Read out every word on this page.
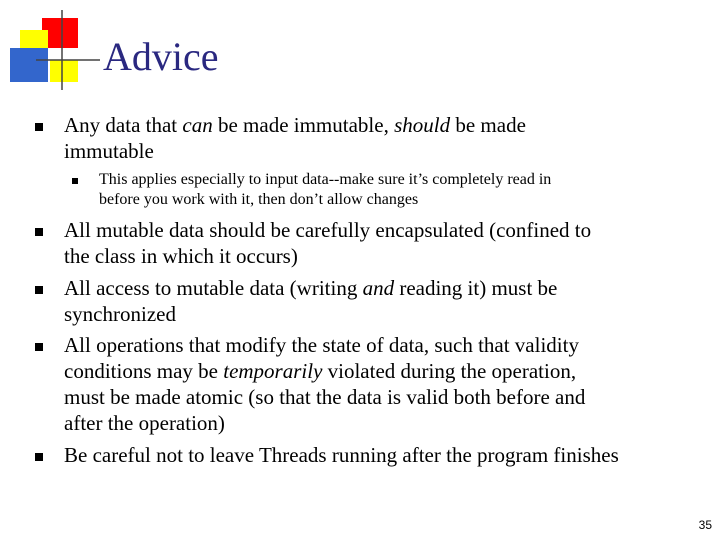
Advice

Any data that can be made immutable, should be made

immutable

This applies especially to input data--make sure it’s completely read in

before you work with it, then don’t allow changes

All mutable data should be carefully encapsulated (confined to

the class in which it occurs)

All access to mutable data (writing and reading it) must be

synchronized

All operations that modify the state of data, such that validity

conditions may be temporarily violated during the operation,

must be made atomic (so that the data is valid both before and

after the operation)

Be careful not to leave Threads running after the program finishes

35
